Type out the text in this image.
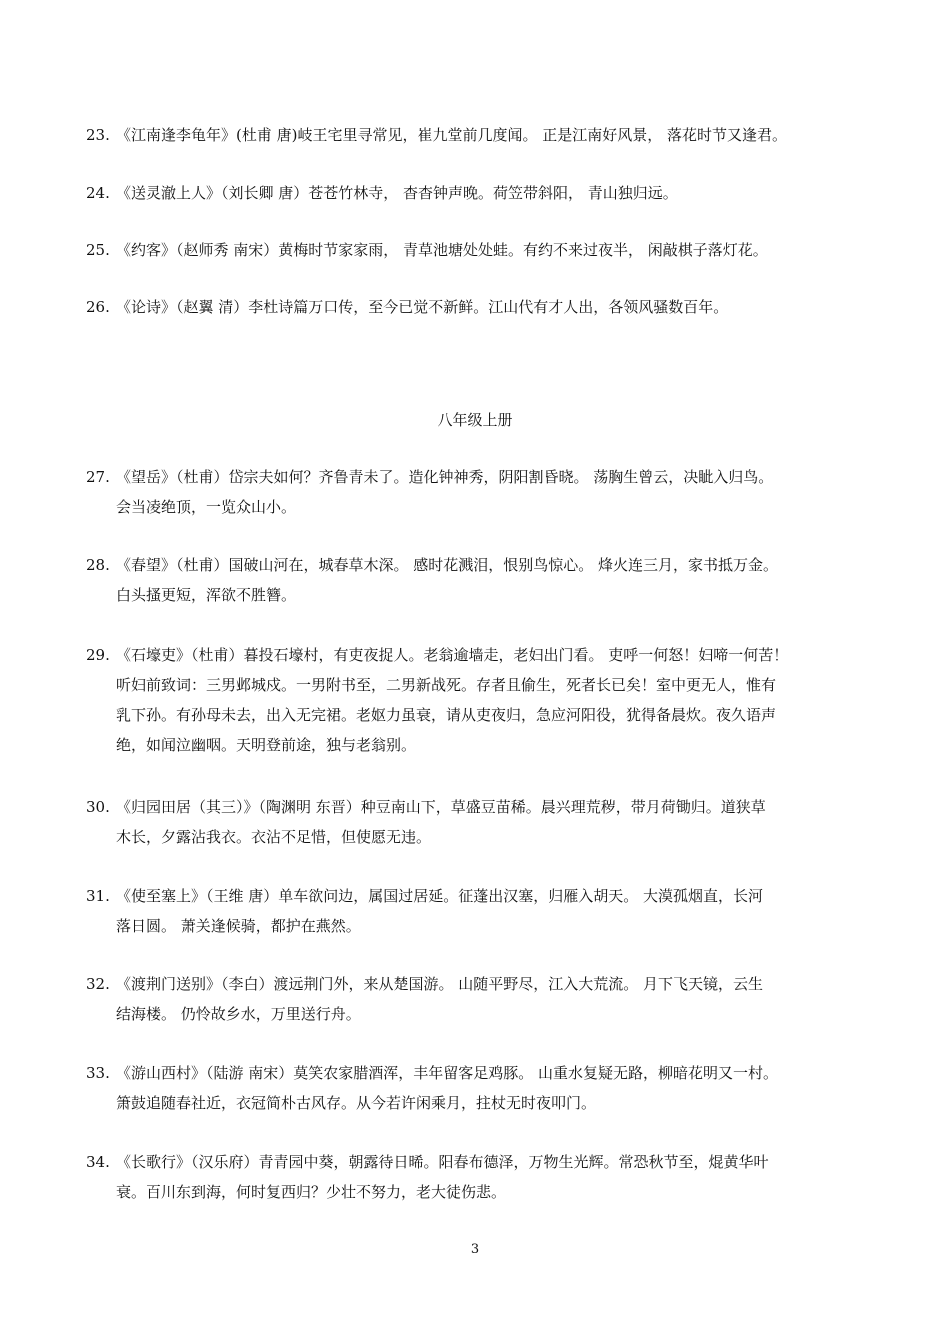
23. 《江南逢李龟年》(杜甫 唐)岐王宅里寻常见，崔九堂前几度闻。 正是江南好风景， 落花时节又逢君。
24. 《送灵澈上人》（刘长卿 唐）苍苍竹林寺， 杳杳钟声晚。荷笠带斜阳， 青山独归远。
25. 《约客》（赵师秀 南宋）黄梅时节家家雨， 青草池塘处处蛙。有约不来过夜半， 闲敲棋子落灯花。
26. 《论诗》（赵翼 清）李杜诗篇万口传，至今已觉不新鲜。江山代有才人出，各领风骚数百年。
八年级上册
27. 《望岳》（杜甫）岱宗夫如何？齐鲁青未了。造化钟神秀，阴阳割昏晓。 荡胸生曾云，决眦入归鸟。
会当凌绝顶，一览众山小。
28. 《春望》（杜甫）国破山河在，城春草木深。 感时花溅泪，恨别鸟惊心。 烽火连三月，家书抵万金。
白头搔更短，浑欲不胜簪。
29. 《石壕吏》（杜甫）暮投石壕村，有吏夜捉人。老翁逾墙走，老妇出门看。 吏呼一何怒！妇啼一何苦！
听妇前致词：三男邺城戍。一男附书至，二男新战死。存者且偷生，死者长已矣！室中更无人，惟有
乳下孙。有孙母未去，出入无完裙。老妪力虽衰，请从吏夜归，急应河阳役，犹得备晨炊。夜久语声
绝，如闻泣幽咽。天明登前途，独与老翁别。
30. 《归园田居（其三）》（陶渊明 东晋）种豆南山下，草盛豆苗稀。晨兴理荒秽，带月荷锄归。道狭草
木长，夕露沾我衣。衣沾不足惜，但使愿无违。
31. 《使至塞上》（王维 唐）单车欲问边，属国过居延。征蓬出汉塞，归雁入胡天。 大漠孤烟直，长河
落日圆。 萧关逢候骑，都护在燕然。
32. 《渡荆门送别》（李白）渡远荆门外，来从楚国游。 山随平野尽，江入大荒流。 月下飞天镜，云生
结海楼。 仍怜故乡水，万里送行舟。
33. 《游山西村》（陆游 南宋）莫笑农家腊酒浑，丰年留客足鸡豚。 山重水复疑无路，柳暗花明又一村。
箫鼓追随春社近，衣冠简朴古风存。从今若许闲乘月，拄杖无时夜叩门。
34. 《长歌行》（汉乐府）青青园中葵，朝露待日晞。阳春布德泽，万物生光辉。常恐秋节至，焜黄华叶
衰。百川东到海，何时复西归？少壮不努力，老大徒伤悲。
3
